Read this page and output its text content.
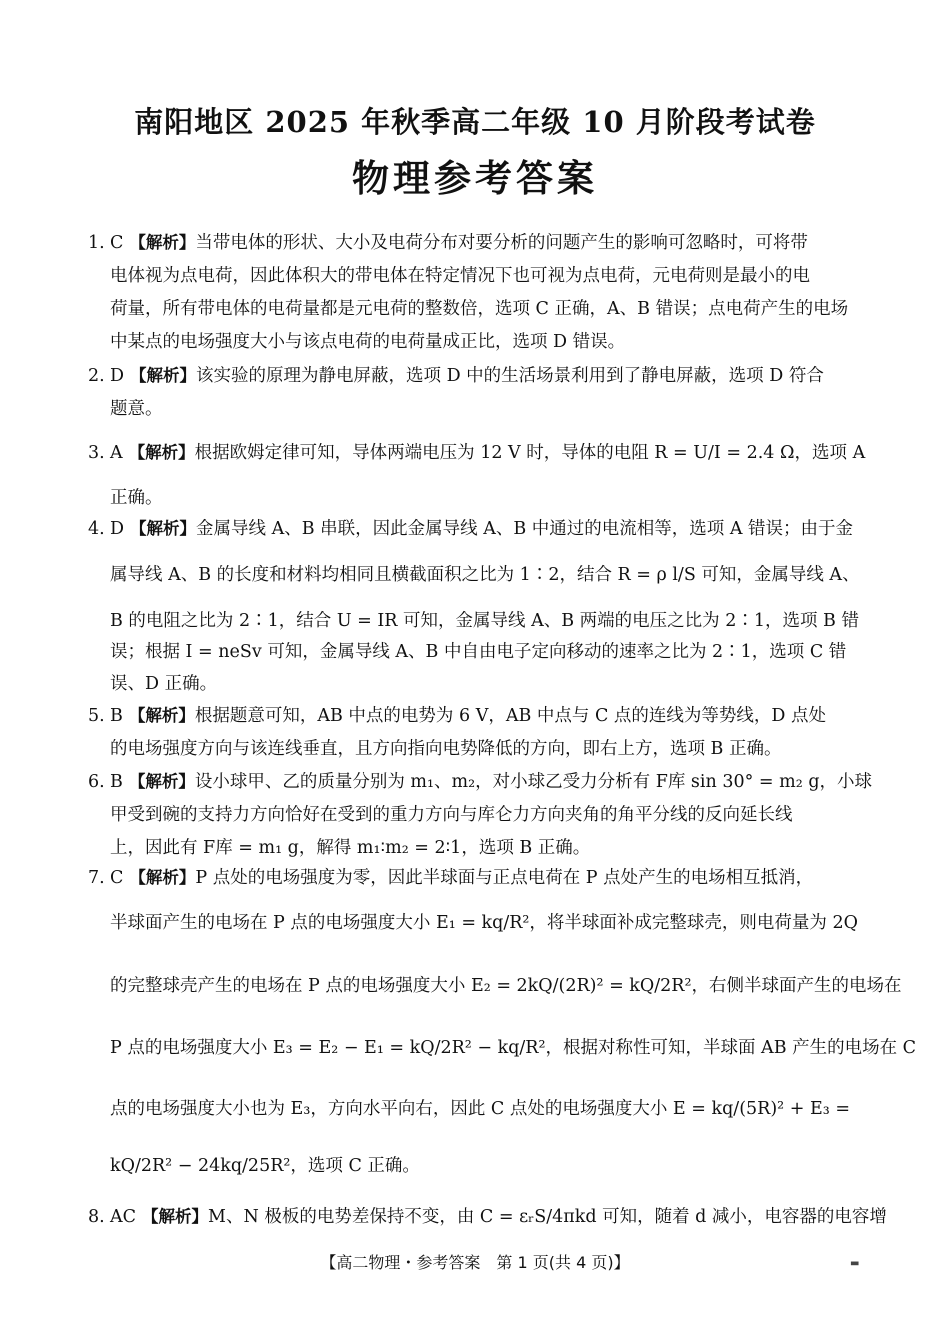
南阳地区 2025 年秋季高二年级 10 月阶段考试卷
物理参考答案
1. C 【解析】当带电体的形状、大小及电荷分布对要分析的问题产生的影响可忽略时，可将带
电体视为点电荷，因此体积大的带电体在特定情况下也可视为点电荷，元电荷则是最小的电
荷量，所有带电体的电荷量都是元电荷的整数倍，选项 C 正确，A、B 错误；点电荷产生的电场
中某点的电场强度大小与该点电荷的电荷量成正比，选项 D 错误。
2. D 【解析】该实验的原理为静电屏蔽，选项 D 中的生活场景利用到了静电屏蔽，选项 D 符合
题意。
3. A 【解析】根据欧姆定律可知，导体两端电压为 12 V 时，导体的电阻 R = U/I = 2.4 Ω，选项 A
正确。
4. D 【解析】金属导线 A、B 串联，因此金属导线 A、B 中通过的电流相等，选项 A 错误；由于金
属导线 A、B 的长度和材料均相同且横截面积之比为 1∶2，结合 R = ρ l/S 可知，金属导线 A、
B 的电阻之比为 2∶1，结合 U = IR 可知，金属导线 A、B 两端的电压之比为 2∶1，选项 B 错
误；根据 I = neSv 可知，金属导线 A、B 中自由电子定向移动的速率之比为 2∶1，选项 C 错
误、D 正确。
5. B 【解析】根据题意可知，AB 中点的电势为 6 V，AB 中点与 C 点的连线为等势线，D 点处
的电场强度方向与该连线垂直，且方向指向电势降低的方向，即右上方，选项 B 正确。
6. B 【解析】设小球甲、乙的质量分别为 m₁、m₂，对小球乙受力分析有 F库 sin 30° = m₂ g，小球
甲受到碗的支持力方向恰好在受到的重力方向与库仑力方向夹角的角平分线的反向延长线
上，因此有 F库 = m₁ g，解得 m₁∶m₂ = 2∶1，选项 B 正确。
7. C 【解析】P 点处的电场强度为零，因此半球面与正点电荷在 P 点处产生的电场相互抵消，
半球面产生的电场在 P 点的电场强度大小 E₁ = kq/R²，将半球面补成完整球壳，则电荷量为 2Q
的完整球壳产生的电场在 P 点的电场强度大小 E₂ = 2kQ/(2R)² = kQ/2R²，右侧半球面产生的电场在
P 点的电场强度大小 E₃ = E₂ − E₁ = kQ/2R² − kq/R²，根据对称性可知，半球面 AB 产生的电场在 C
点的电场强度大小也为 E₃，方向水平向右，因此 C 点处的电场强度大小 E = kq/(5R)² + E₃ =
kQ/2R² − 24kq/25R²，选项 C 正确。
8. AC 【解析】M、N 极板的电势差保持不变，由 C = εᵣS/4πkd 可知，随着 d 减小，电容器的电容增
【高二物理・参考答案　第 1 页(共 4 页)】	▬
